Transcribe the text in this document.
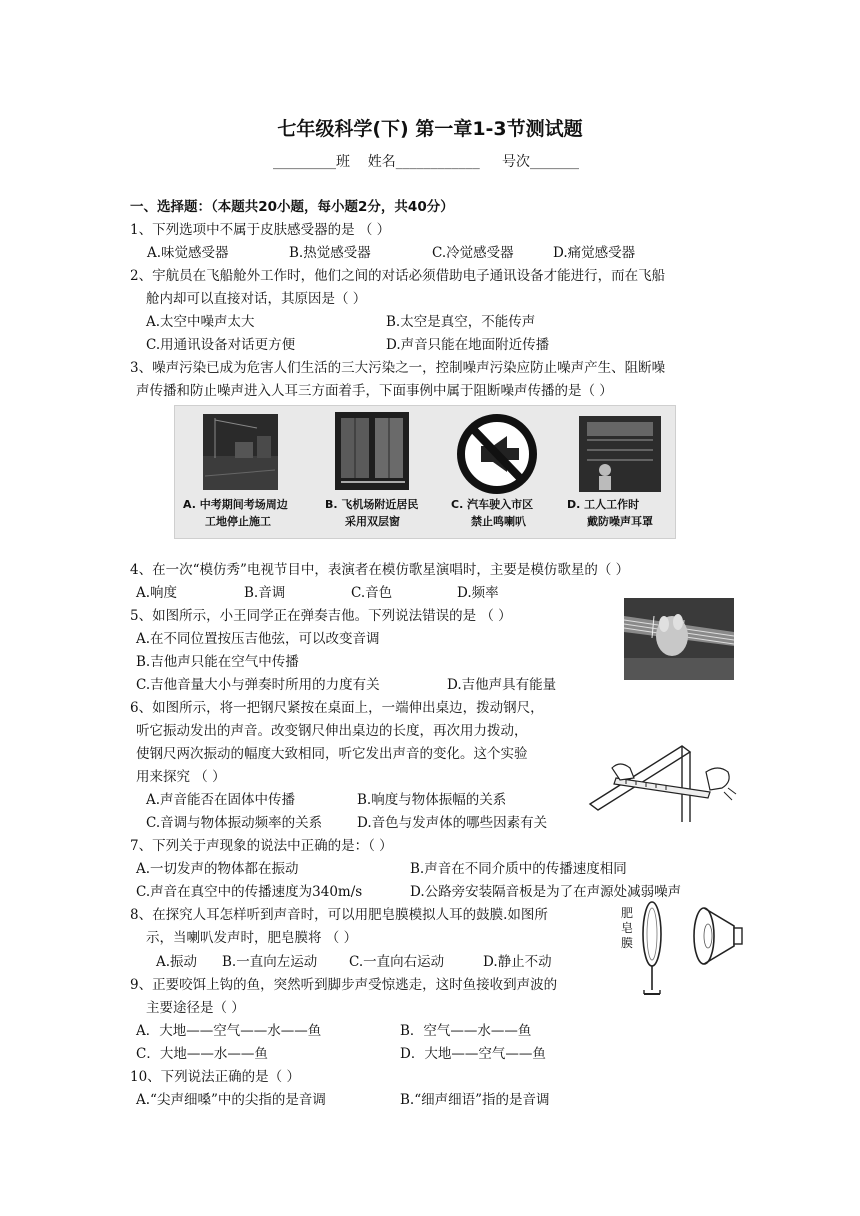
七年级科学(下) 第一章1-3节测试题
_________班    姓名____________     号次_______
一、选择题：（本题共20小题，每小题2分，共40分）
1、下列选项中不属于皮肤感受器的是 （ ）
A.味觉感受器	B.热觉感受器	C.冷觉感受器	D.痛觉感受器
2、宇航员在飞船舱外工作时，他们之间的对话必须借助电子通讯设备才能进行，而在飞船
舱内却可以直接对话，其原因是（ ）
A.太空中噪声太大	B.太空是真空，不能传声
C.用通讯设备对话更方便	D.声音只能在地面附近传播
3、噪声污染已成为危害人们生活的三大污染之一，控制噪声污染应防止噪声产生、阻断噪
声传播和防止噪声进入人耳三方面着手，下面事例中属于阻断噪声传播的是（ ）
A. 中考期间考场周边
工地停止施工
B. 飞机场附近居民
采用双层窗
C. 汽车驶入市区
禁止鸣喇叭
D. 工人工作时
戴防噪声耳罩
4、在一次“模仿秀”电视节目中，表演者在模仿歌星演唱时，主要是模仿歌星的（ ）
A.响度	B.音调	C.音色	D.频率
5、如图所示，小王同学正在弹奏吉他。下列说法错误的是 （ ）
A.在不同位置按压吉他弦，可以改变音调
B.吉他声只能在空气中传播
C.吉他音量大小与弹奏时所用的力度有关	D.吉他声具有能量
6、如图所示，将一把钢尺紧按在桌面上，一端伸出桌边，拨动钢尺，
听它振动发出的声音。改变钢尺伸出桌边的长度，再次用力拨动，
使钢尺两次振动的幅度大致相同，听它发出声音的变化。这个实验
用来探究 （ ）
A.声音能否在固体中传播	B.响度与物体振幅的关系
C.音调与物体振动频率的关系	D.音色与发声体的哪些因素有关
7、下列关于声现象的说法中正确的是：（ ）
A.一切发声的物体都在振动	B.声音在不同介质中的传播速度相同
C.声音在真空中的传播速度为340m/s	D.公路旁安装隔音板是为了在声源处减弱噪声
8、在探究人耳怎样听到声音时，可以用肥皂膜模拟人耳的鼓膜.如图所
示，当喇叭发声时，肥皂膜将 （ ）
A.振动 B.一直向左运动 C.一直向右运动	D.静止不动
肥
皂
膜
9、正要咬饵上钩的鱼，突然听到脚步声受惊逃走，这时鱼接收到声波的
主要途径是（ ）
A．大地——空气——水——鱼	B．空气——水——鱼
C．大地——水——鱼	D．大地——空气——鱼
10、下列说法正确的是（ ）
A.“尖声细嗓”中的尖指的是音调	B.“细声细语”指的是音调
